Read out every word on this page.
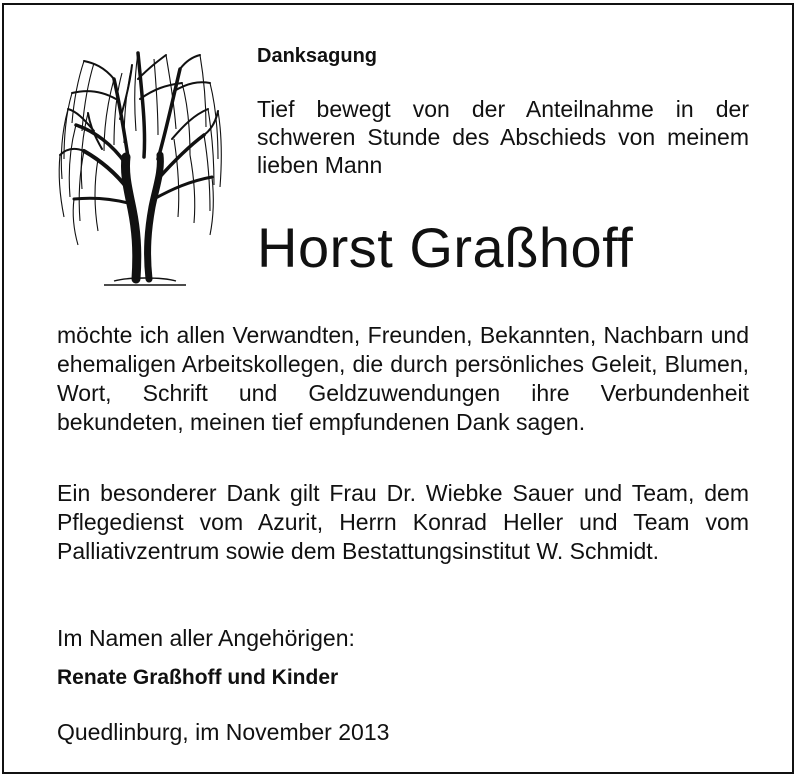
Danksagung

Tief bewegt von der Anteilnahme in der schweren Stunde des Abschieds von meinem lieben Mann

Horst Graßhoff

möchte ich allen Verwandten, Freunden, Bekannten, Nachbarn und ehemaligen Arbeitskollegen, die durch persönliches Geleit, Blumen, Wort, Schrift und Geldzuwendungen ihre Verbundenheit bekundeten, meinen tief empfundenen Dank sagen.

Ein besonderer Dank gilt Frau Dr. Wiebke Sauer und Team, dem Pflegedienst vom Azurit, Herrn Konrad Heller und Team vom Palliativzentrum sowie dem Bestattungsinstitut W. Schmidt.

Im Namen aller Angehörigen:

Renate Graßhoff und Kinder

Quedlinburg, im November 2013
